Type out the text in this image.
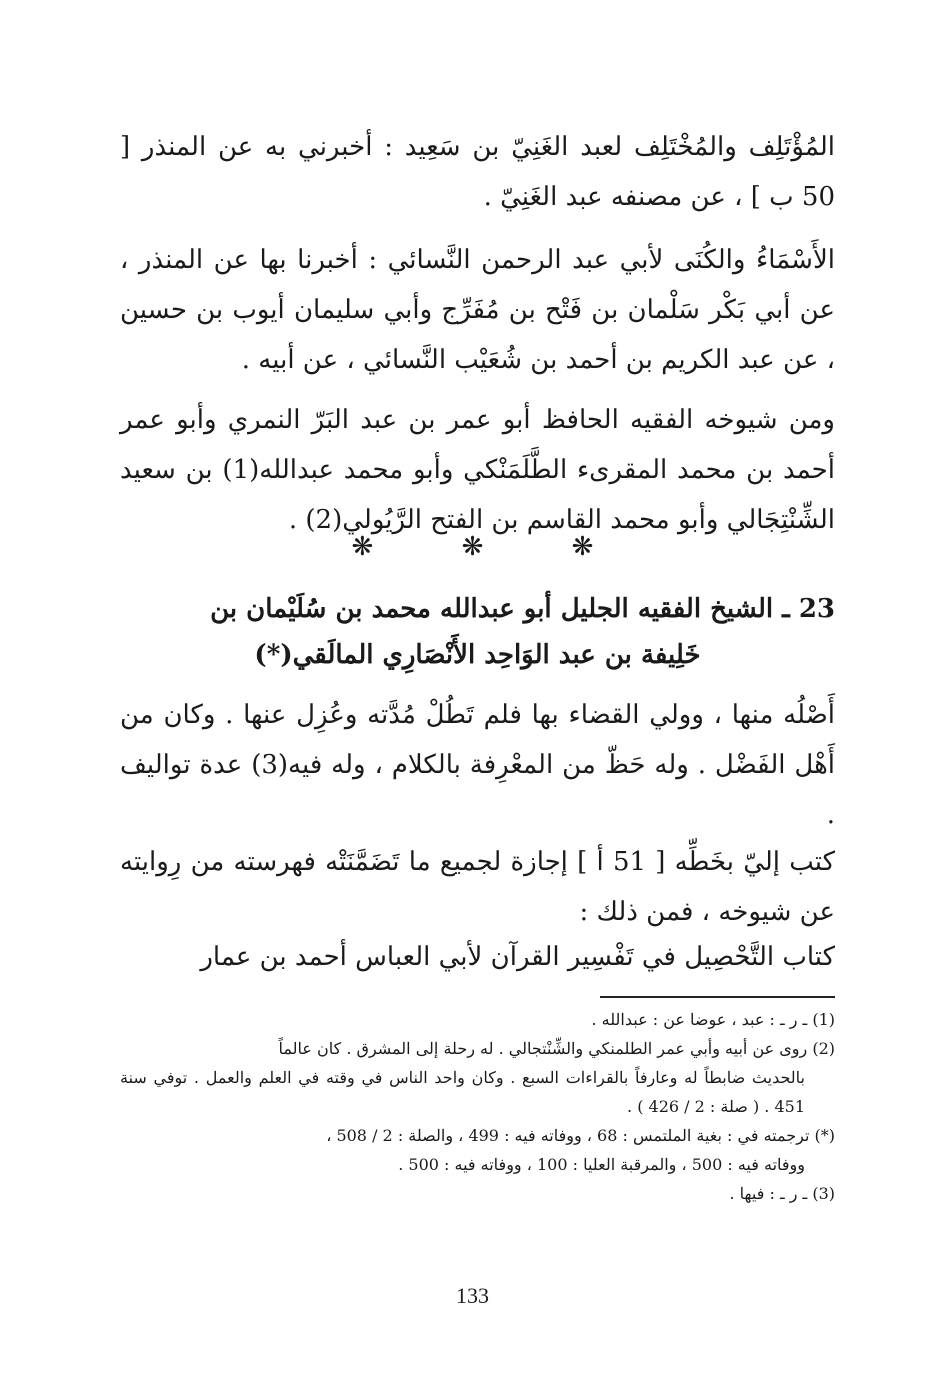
المُؤْتَلِف والمُخْتَلِف لعبد الغَنِيّ بن سَعِيد : أخبرني به عن المنذر [ 50 ب ] ، عن مصنفه عبد الغَنِيّ .

الأَسْمَاءُ والكُنَى لأبي عبد الرحمن النَّسائي : أخبرنا بها عن المنذر ، عن أبي بَكْر سَلْمان بن فَتْح بن مُفَرِّج وأبي سليمان أيوب بن حسين ، عن عبد الكريم بن أحمد بن شُعَيْب النَّسائي ، عن أبيه .

ومن شيوخه الفقيه الحافظ أبو عمر بن عبد البَرّ النمري وأبو عمر أحمد بن محمد المقرىء الطَّلَمَنْكي وأبو محمد عبدالله(1) بن سعيد الشِّنْتِجَالي وأبو محمد القاسم بن الفتح الرَّيُولي(2) .

❋	❋	❋
23 ـ الشيخ الفقيه الجليل أبو عبدالله محمد بن سُلَيْمان بن
خَلِيفة بن عبد الوَاحِد الأَنْصَارِي المالَقي(*)

أَصْلُه منها ، وولي القضاء بها فلم تَطُلْ مُدَّته وعُزِل عنها . وكان من أَهْل الفَضْل . وله حَظّ من المعْرِفة بالكلام ، وله فيه(3) عدة تواليف .

كتب إليّ بخَطِّه [ 51 أ ] إجازة لجميع ما تَضَمَّنَتْه فهرسته من رِوايته عن شيوخه ، فمن ذلك :

كتاب التَّحْصِيل في تَفْسِير القرآن لأبي العباس أحمد بن عمار

(1) ـ ر ـ : عبد ، عوضا عن : عبدالله .

(2) روى عن أبيه وأبي عمر الطلمنكي والشِّنْتجالي . له رحلة إلى المشرق . كان عالماً
بالحديث ضابطاً له وعارفاً بالقراءات السبع . وكان واحد الناس في وقته في العلم والعمل . توفي سنة 451 . ( صلة : 2 / 426 ) .

(*) ترجمته في : بغية الملتمس : 68 ، ووفاته فيه : 499 ، والصلة : 2 / 508 ،
ووفاته فيه : 500 ، والمرقبة العليا : 100 ، ووفاته فيه : 500 .

(3) ـ ر ـ : فيها .

133
